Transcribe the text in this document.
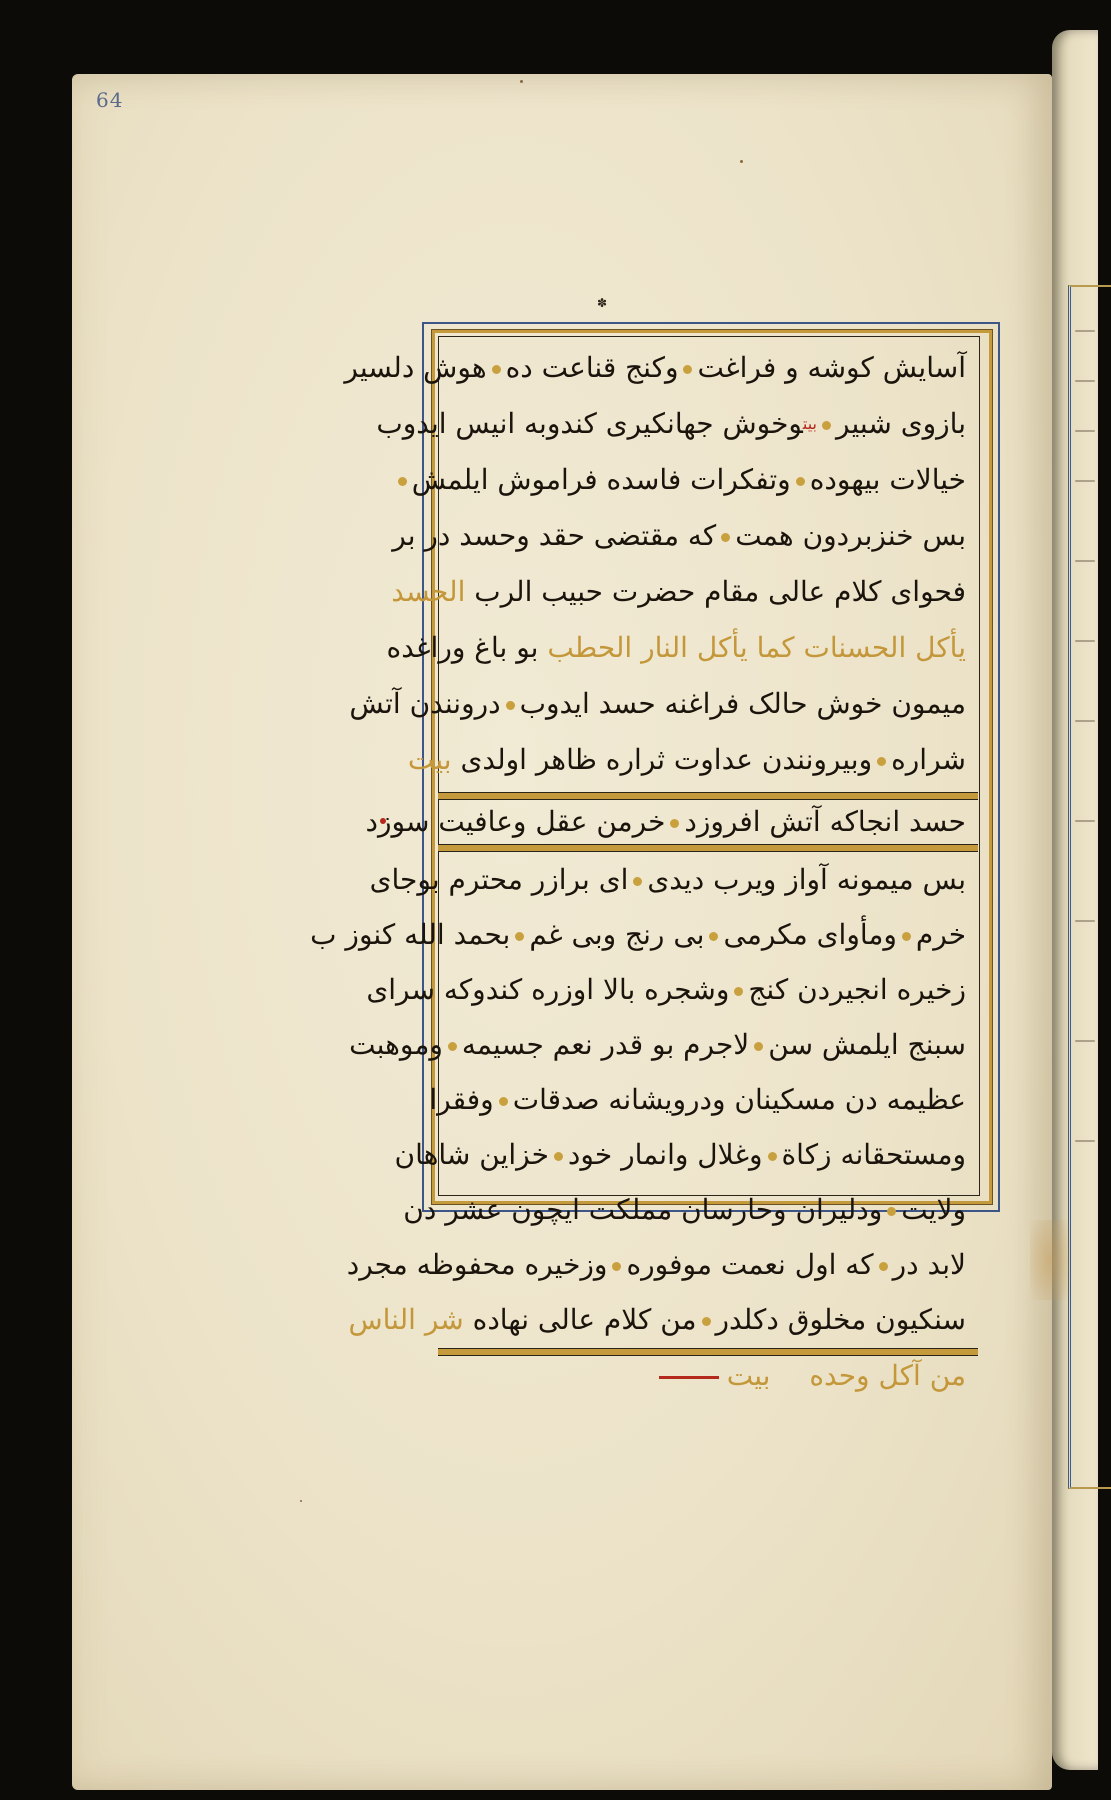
64
✽
آسایش کوشه و فراغتوکنج قناعت دههوش دلسیر
بازوی شبیر$^{بیت}$وخوش جهانکیری کندوبه انیس ایدوب
خیالات بیهودهوتفکرات فاسده فراموش ایلمش
بس خنزبردون همتکه مقتضی حقد وحسد در بر
فحوای کلام عالی مقام حضرت حبیب الرب الحسد
یأکل الحسنات کما یأکل النار الحطب بو باغ وراغده
میمون خوش حالک فراغنه حسد ایدوبدرونندن آتش
شرارهوبیرونندن عداوت ثراره ظاهر اولدی بیت
حسد انجاکه آتش افروزدخرمن عقل وعافیت سوزد
بس میمونه آواز ویرب دیدیای برازر محترم بوجای
خرمومأوای مکرمیبی رنج وبی غمبحمد الله کنوز ب
زخیره انجیردن کنجوشجره بالا اوزره کندوکه سرای
سبنج ایلمش سنلاجرم بو قدر نعم جسیمهوموهبت
عظیمه دن مسکینان ودرویشانه صدقاتوفقرا
ومستحقانه زکاةوغلال وانمار خودخزاین شاهان
ولایتودلیران وحارسان مملکت ایچون عشر دن
لابد درکه اول نعمت موفورهوزخیره محفوظه مجرد
سنکیون مخلوق دکلدرمن کلام عالی نهاده شر الناس
من آکل وحده بیت
